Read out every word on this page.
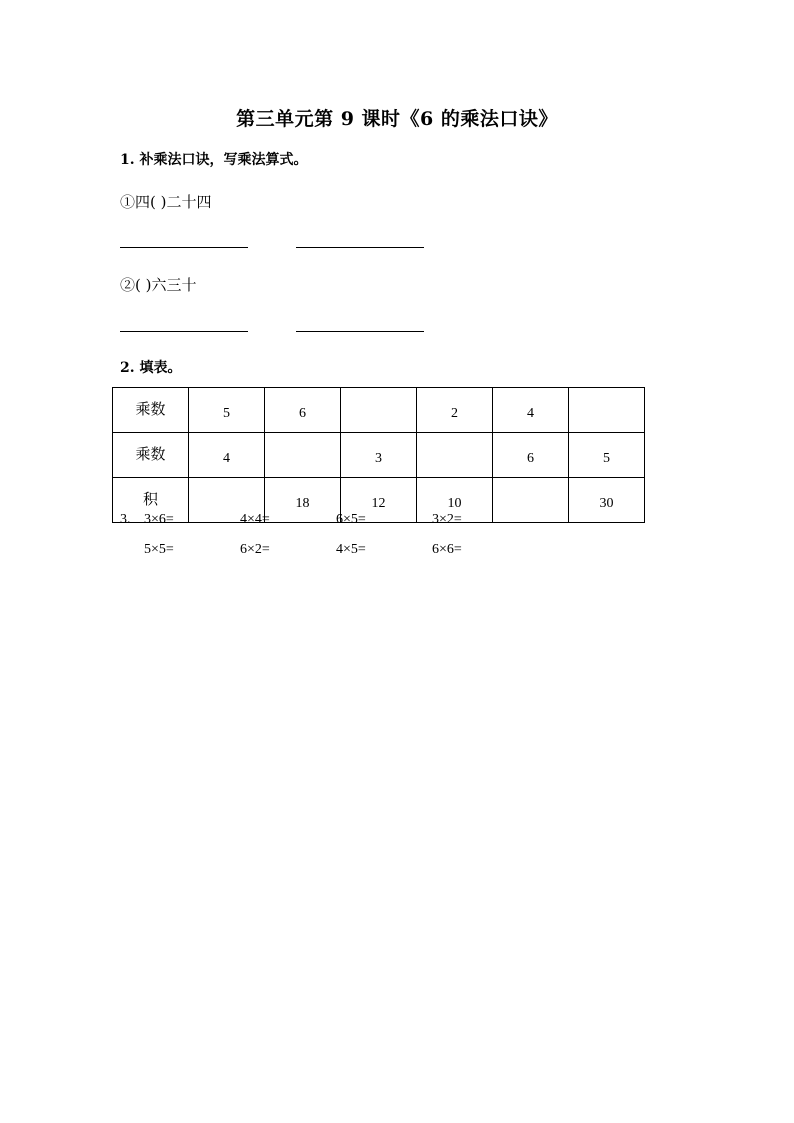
第三单元第 9 课时《6 的乘法口诀》
1. 补乘法口诀，写乘法算式。
①四( )二十四
②( )六三十
2. 填表。
乘数	5	6		2	4	
乘数	4		3		6	5
积		18	12	10		30
3. 3×6=	4×4=	6×5=	3×2=
5×5=	6×2=	4×5=	6×6=
